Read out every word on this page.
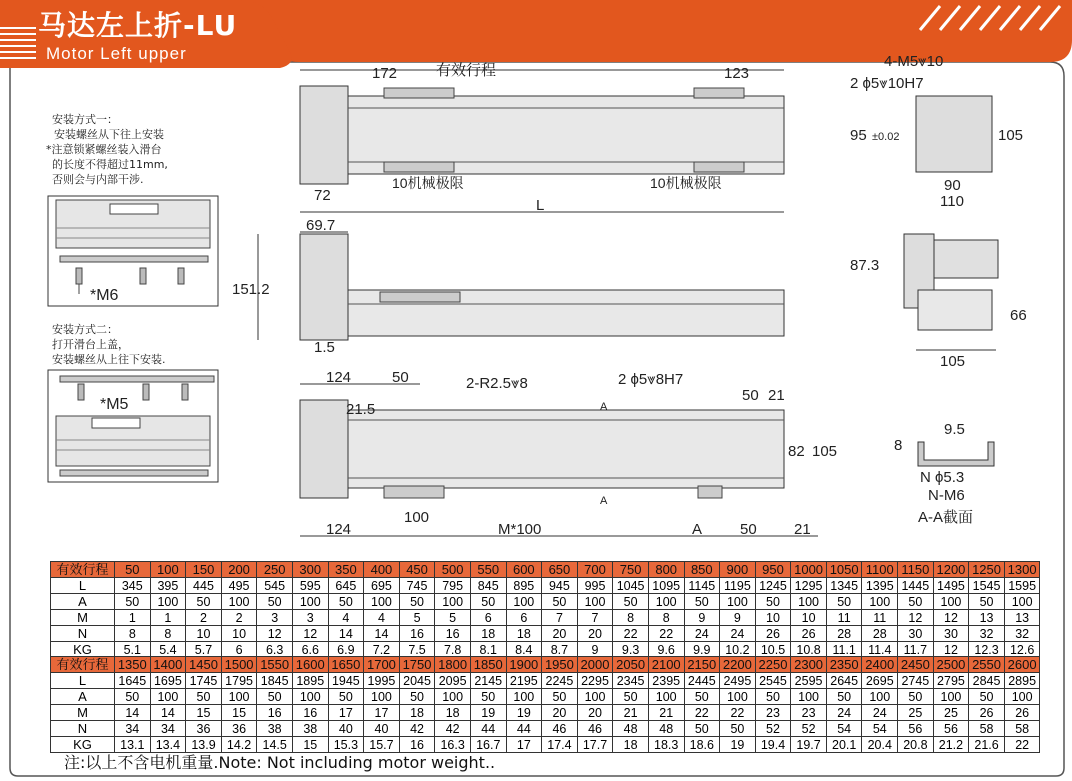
马达左上折-LU
Motor Left upper
安装方式一：
安装螺丝从下往上安装
*注意锁紧螺丝装入滑台
的长度不得超过11mm,
否则会与内部干涉.
安装方式二：
打开滑台上盖，
安装螺丝从上往下安装.
*M6
*M5
172	有效行程	123
72
10机械极限	10机械极限
L
69.7
151.2
1.5
124	50
21.5
2-R2.5⩔8	2 ϕ5⩔8H7
50 21
A
A
82 105
124
100
M*100	A	50 21
4-M5⩔10
2 ϕ5⩔10H7
95 ±0.02	105
90
110
87.3
66
105
8
9.5
N ϕ5.3
N-M6
A-A截面
有效行程	50	100	150	200	250	300	350	400	450	500	550	600	650	700	750	800	850	900	950	1000	1050	1100	1150	1200	1250	1300
L	345	395	445	495	545	595	645	695	745	795	845	895	945	995	1045	1095	1145	1195	1245	1295	1345	1395	1445	1495	1545	1595
A	50	100	50	100	50	100	50	100	50	100	50	100	50	100	50	100	50	100	50	100	50	100	50	100	50	100
M	1	1	2	2	3	3	4	4	5	5	6	6	7	7	8	8	9	9	10	10	11	11	12	12	13	13
N	8	8	10	10	12	12	14	14	16	16	18	18	20	20	22	22	24	24	26	26	28	28	30	30	32	32
KG	5.1	5.4	5.7	6	6.3	6.6	6.9	7.2	7.5	7.8	8.1	8.4	8.7	9	9.3	9.6	9.9	10.2	10.5	10.8	11.1	11.4	11.7	12	12.3	12.6
有效行程	1350	1400	1450	1500	1550	1600	1650	1700	1750	1800	1850	1900	1950	2000	2050	2100	2150	2200	2250	2300	2350	2400	2450	2500	2550	2600
L	1645	1695	1745	1795	1845	1895	1945	1995	2045	2095	2145	2195	2245	2295	2345	2395	2445	2495	2545	2595	2645	2695	2745	2795	2845	2895
A	50	100	50	100	50	100	50	100	50	100	50	100	50	100	50	100	50	100	50	100	50	100	50	100	50	100
M	14	14	15	15	16	16	17	17	18	18	19	19	20	20	21	21	22	22	23	23	24	24	25	25	26	26
N	34	34	36	36	38	38	40	40	42	42	44	44	46	46	48	48	50	50	52	52	54	54	56	56	58	58
KG	13.1	13.4	13.9	14.2	14.5	15	15.3	15.7	16	16.3	16.7	17	17.4	17.7	18	18.3	18.6	19	19.4	19.7	20.1	20.4	20.8	21.2	21.6	22
注:以上不含电机重量.Note: Not including motor weight..
